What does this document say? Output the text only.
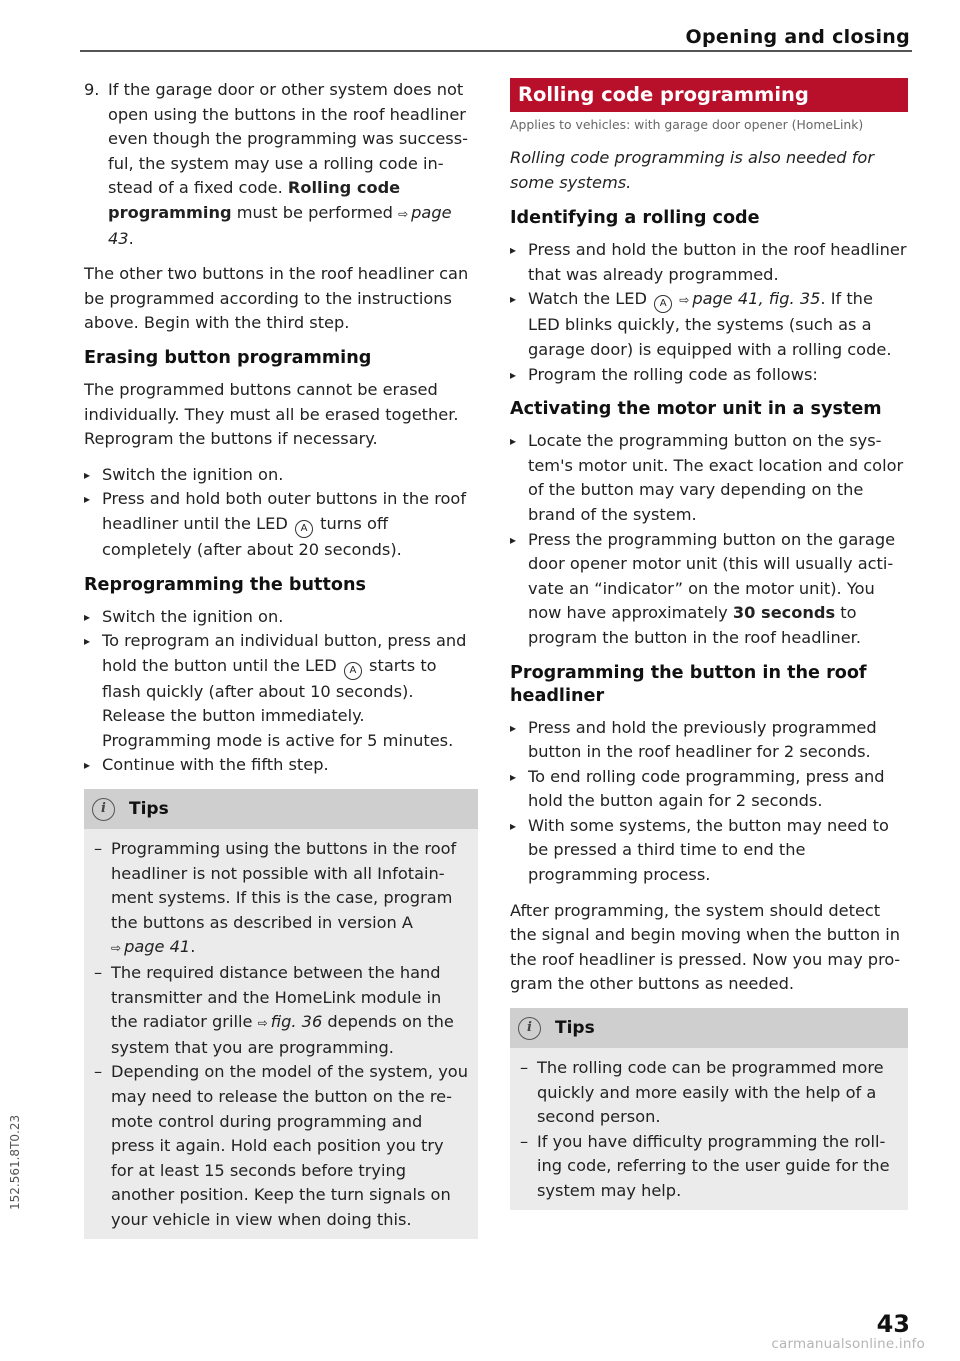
Opening and closing

9. If the garage door or other system does not open using the buttons in the roof headliner even though the programming was successful, the system may use a rolling code instead of a fixed code. Rolling code programming must be performed ⇨ page 43.

The other two buttons in the roof headliner can be programmed according to the instructions above. Begin with the third step.

Erasing button programming

The programmed buttons cannot be erased individually. They must all be erased together. Reprogram the buttons if necessary.

▸ Switch the ignition on.
▸ Press and hold both outer buttons in the roof headliner until the LED A turns off completely (after about 20 seconds).
Reprogramming the buttons
▸ Switch the ignition on.
▸ To reprogram an individual button, press and hold the button until the LED A starts to flash quickly (after about 10 seconds). Release the button immediately. Programming mode is active for 5 minutes.
▸ Continue with the fifth step.
i	Tips
– Programming using the buttons in the roof headliner is not possible with all Infotainment systems. If this is the case, program the buttons as described in version A ⇨ page 41.
– The required distance between the hand transmitter and the HomeLink module in the radiator grille ⇨ fig. 36 depends on the system that you are programming.
– Depending on the model of the system, you may need to release the button on the remote control during programming and press it again. Hold each position you try for at least 15 seconds before trying another position. Keep the turn signals on your vehicle in view when doing this.
Rolling code programming
Applies to vehicles: with garage door opener (HomeLink)

Rolling code programming is also needed for some systems.

Identifying a rolling code
▸ Press and hold the button in the roof headliner that was already programmed.
▸ Watch the LED A ⇨ page 41, fig. 35. If the LED blinks quickly, the systems (such as a garage door) is equipped with a rolling code.
▸ Program the rolling code as follows:
Activating the motor unit in a system
▸ Locate the programming button on the system's motor unit. The exact location and color of the button may vary depending on the brand of the system.
▸ Press the programming button on the garage door opener motor unit (this will usually activate an “indicator” on the motor unit). You now have approximately 30 seconds to program the button in the roof headliner.
Programming the button in the roof headliner
▸ Press and hold the previously programmed button in the roof headliner for 2 seconds.
▸ To end rolling code programming, press and hold the button again for 2 seconds.
▸ With some systems, the button may need to be pressed a third time to end the programming process.

After programming, the system should detect the signal and begin moving when the button in the roof headliner is pressed. Now you may program the other buttons as needed.

i	Tips
– The rolling code can be programmed more quickly and more easily with the help of a second person.
– If you have difficulty programming the rolling code, referring to the user guide for the system may help.
152.561.8T0.23
43
carmanualsonline.info
